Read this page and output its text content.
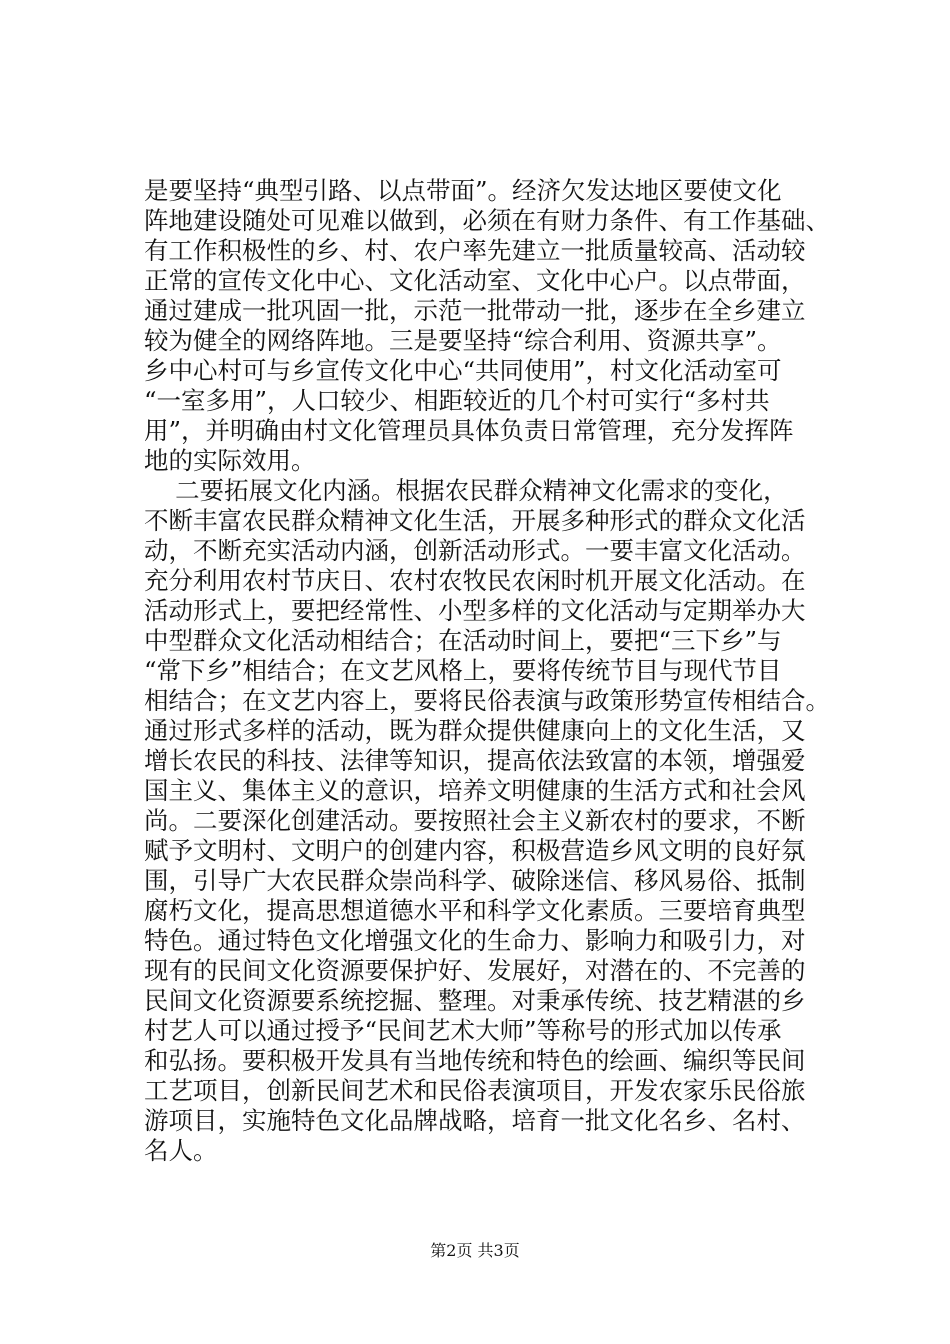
是要坚持“典型引路、以点带面”。经济欠发达地区要使文化
阵地建设随处可见难以做到，必须在有财力条件、有工作基础、
有工作积极性的乡、村、农户率先建立一批质量较高、活动较
正常的宣传文化中心、文化活动室、文化中心户。以点带面，
通过建成一批巩固一批，示范一批带动一批，逐步在全乡建立
较为健全的网络阵地。三是要坚持“综合利用、资源共享”。
乡中心村可与乡宣传文化中心“共同使用”，村文化活动室可
“一室多用”，人口较少、相距较近的几个村可实行“多村共
用”，并明确由村文化管理员具体负责日常管理，充分发挥阵
地的实际效用。
二要拓展文化内涵。根据农民群众精神文化需求的变化，
不断丰富农民群众精神文化生活，开展多种形式的群众文化活
动，不断充实活动内涵，创新活动形式。一要丰富文化活动。
充分利用农村节庆日、农村农牧民农闲时机开展文化活动。在
活动形式上，要把经常性、小型多样的文化活动与定期举办大
中型群众文化活动相结合；在活动时间上，要把“三下乡”与
“常下乡”相结合；在文艺风格上，要将传统节目与现代节目
相结合；在文艺内容上，要将民俗表演与政策形势宣传相结合。
通过形式多样的活动，既为群众提供健康向上的文化生活，又
增长农民的科技、法律等知识，提高依法致富的本领，增强爱
国主义、集体主义的意识，培养文明健康的生活方式和社会风
尚。二要深化创建活动。要按照社会主义新农村的要求，不断
赋予文明村、文明户的创建内容，积极营造乡风文明的良好氛
围，引导广大农民群众崇尚科学、破除迷信、移风易俗、抵制
腐朽文化，提高思想道德水平和科学文化素质。三要培育典型
特色。通过特色文化增强文化的生命力、影响力和吸引力，对
现有的民间文化资源要保护好、发展好，对潜在的、不完善的
民间文化资源要系统挖掘、整理。对秉承传统、技艺精湛的乡
村艺人可以通过授予“民间艺术大师”等称号的形式加以传承
和弘扬。要积极开发具有当地传统和特色的绘画、编织等民间
工艺项目，创新民间艺术和民俗表演项目，开发农家乐民俗旅
游项目，实施特色文化品牌战略，培育一批文化名乡、名村、
名人。
第2页 共3页
